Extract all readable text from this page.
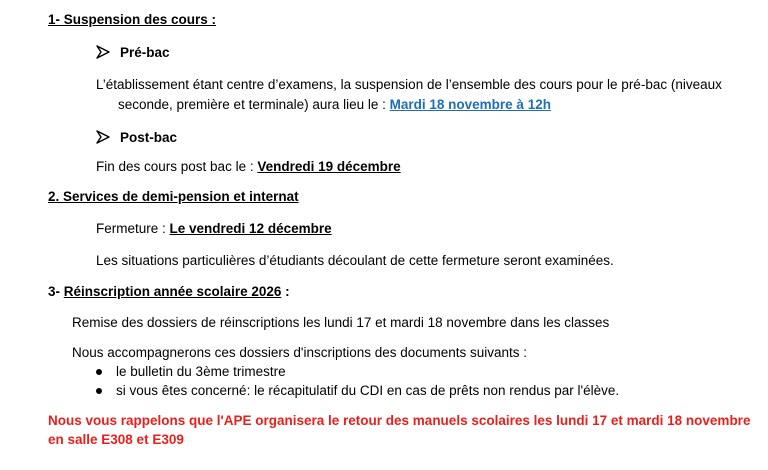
1- Suspension des cours :
Pré-bac
L’établissement étant centre d’examens, la suspension de l’ensemble des cours pour le pré-bac (niveaux
seconde, première et terminale) aura lieu le : Mardi 18 novembre à 12h
Post-bac
Fin des cours post bac le : Vendredi 19 décembre
2. Services de demi-pension et internat
Fermeture : Le vendredi 12 décembre
Les situations particulières d’étudiants découlant de cette fermeture seront examinées.
3- Réinscription année scolaire 2026 :
Remise des dossiers de réinscriptions les lundi 17 et mardi 18 novembre dans les classes
Nous accompagnerons ces dossiers d'inscriptions des documents suivants :
le bulletin du 3ème trimestre
si vous êtes concerné: le récapitulatif du CDI en cas de prêts non rendus par l'élève.
Nous vous rappelons que l'APE organisera le retour des manuels scolaires les lundi 17 et mardi 18 novembre
en salle E308 et E309
